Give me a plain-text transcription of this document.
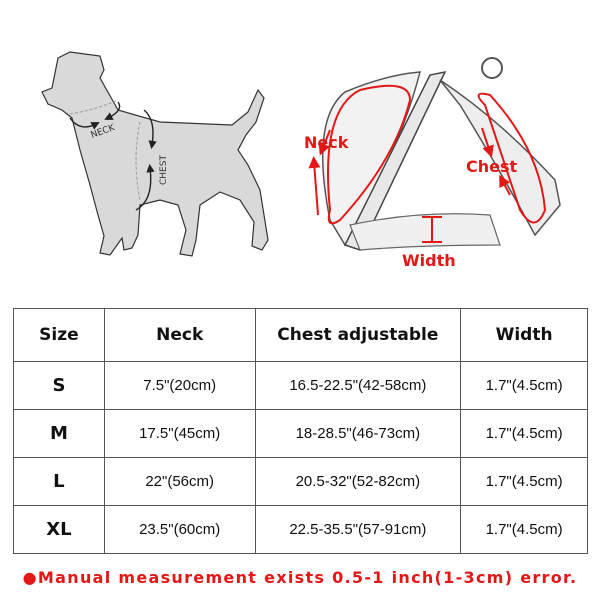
NECK
CHEST
Neck
Chest
Width
Size	Neck	Chest adjustable	Width
S	7.5"(20cm)	16.5-22.5"(42-58cm)	1.7"(4.5cm)
M	17.5"(45cm)	18-28.5"(46-73cm)	1.7"(4.5cm)
L	22"(56cm)	20.5-32"(52-82cm)	1.7"(4.5cm)
XL	23.5"(60cm)	22.5-35.5"(57-91cm)	1.7"(4.5cm)
●Manual measurement exists 0.5-1 inch(1-3cm) error.
